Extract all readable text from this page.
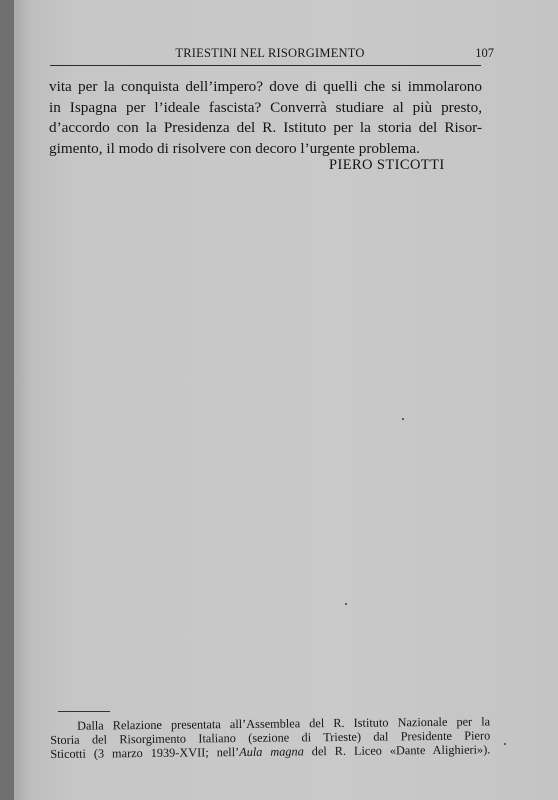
TRIESTINI NEL RISORGIMENTO	107
vita per la conquista dell’impero? dove di quelli che si immolarono
in Ispagna per l’ideale fascista? Converrà studiare al più presto,
d’accordo con la Presidenza del R. Istituto per la storia del Risor-
gimento, il modo di risolvere con decoro l’urgente problema.
PIERO STICOTTI
Dalla Relazione presentata all’Assemblea del R. Istituto Nazionale per la
Storia del Risorgimento Italiano (sezione di Trieste) dal Presidente Piero
Sticotti (3 marzo 1939-XVII; nell’Aula magna del R. Liceo «Dante Alighieri»).
